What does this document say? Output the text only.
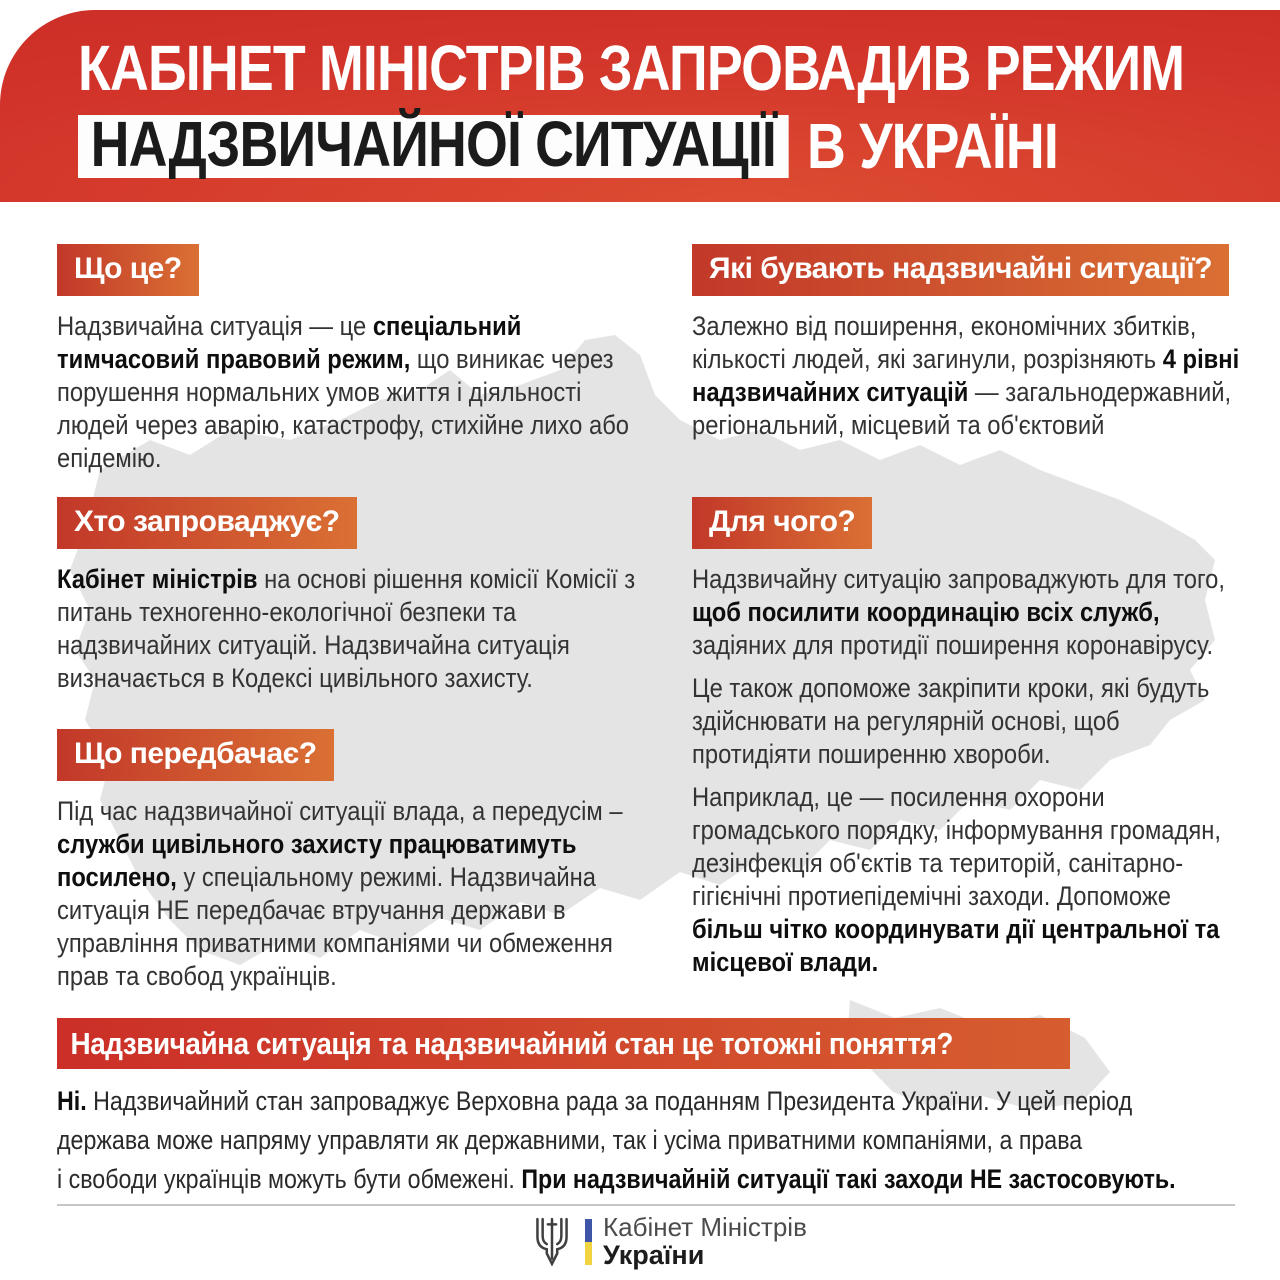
КАБІНЕТ МІНІСТРІВ ЗАПРОВАДИВ РЕЖИМ
НАДЗВИЧАЙНОЇ СИТУАЦІЇ В УКРАЇНІ
Що це?

Надзвичайна ситуація — це спеціальний тимчасовий правовий режим, що виникає через порушення нормальних умов життя і діяльності людей через аварію, катастрофу, стихійне лихо або епідемію.

Хто запроваджує?

Кабінет міністрів на основі рішення комісії Комісії з питань техногенно-екологічної безпеки та надзвичайних ситуацій. Надзвичайна ситуація визначається в Кодексі цивільного захисту.

Що передбачає?

Під час надзвичайної ситуації влада, а передусім – служби цивільного захисту працюватимуть посилено, у спеціальному режимі. Надзвичайна ситуація НЕ передбачає втручання держави в управління приватними компаніями чи обмеження прав та свобод українців.

Які бувають надзвичайні ситуації?

Залежно від поширення, економічних збитків, кількості людей, які загинули, розрізняють 4 рівні надзвичайних ситуацій — загальнодержавний, регіональний, місцевий та об'єктовий

Для чого?

Надзвичайну ситуацію запроваджують для того, щоб посилити координацію всіх служб, задіяних для протидії поширення коронавірусу.

Це також допоможе закріпити кроки, які будуть здійснювати на регулярній основі, щоб протидіяти поширенню хвороби.

Наприклад, це — посилення охорони громадського порядку, інформування громадян, дезінфекція об'єктів та територій, санітарно-гігієнічні протиепідемічні заходи. Допоможе більш чітко координувати дії центральної та місцевої влади.

Надзвичайна ситуація та надзвичайний стан це тотожні поняття?
Ні. Надзвичайний стан запроваджує Верховна рада за поданням Президента України. У цей період
держава може напряму управляти як державними, так і усіма приватними компаніями, а права
і свободи українців можуть бути обмежені. При надзвичайній ситуації такі заходи НЕ застосовують.
Кабінет Міністрів
України
